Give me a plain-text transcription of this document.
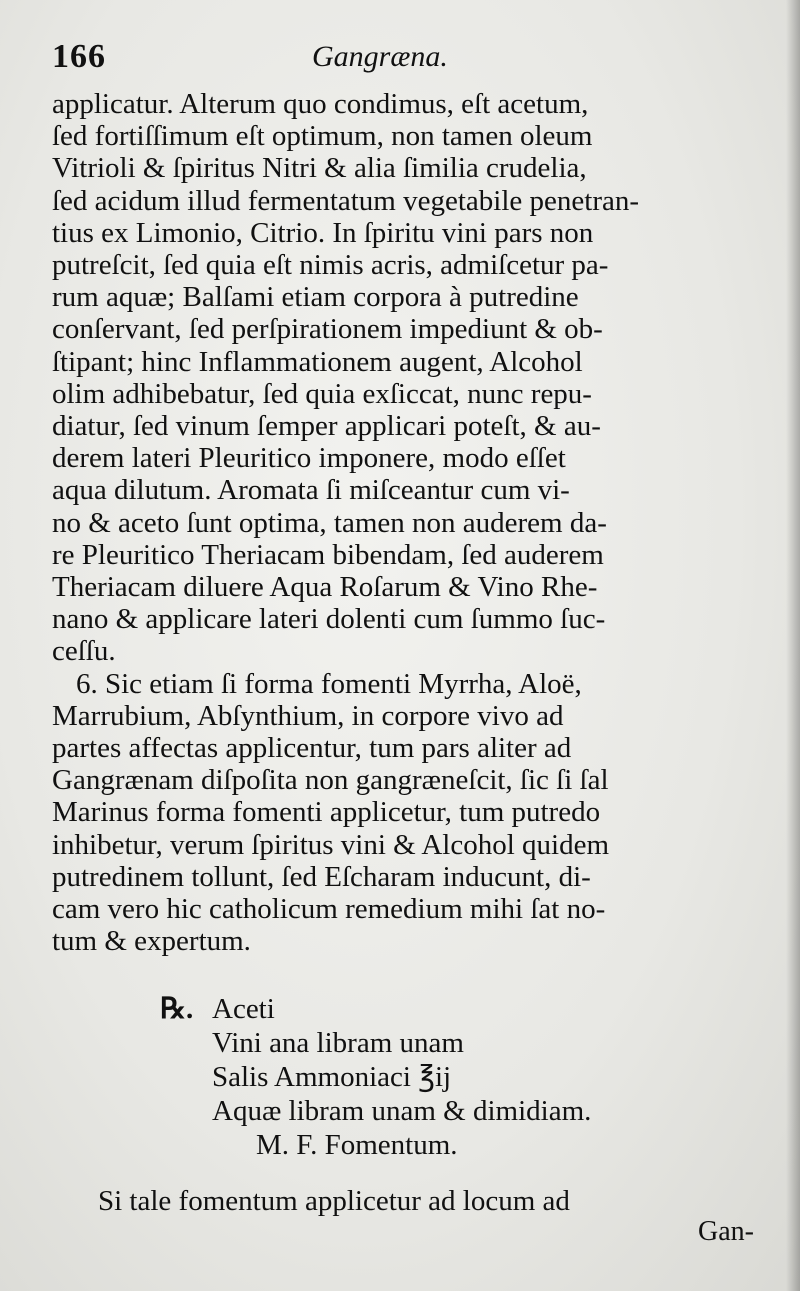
166	Gangræna.
applicatur. Alterum quo condimus, eſt acetum,
ſed fortiſſimum eſt optimum, non tamen oleum
Vitrioli & ſpiritus Nitri & alia ſimilia crudelia,
ſed acidum illud fermentatum vegetabile penetran-
tius ex Limonio, Citrio. In ſpiritu vini pars non
putreſcit, ſed quia eſt nimis acris, admiſcetur pa-
rum aquæ; Balſami etiam corpora à putredine
conſervant, ſed perſpirationem impediunt & ob-
ſtipant; hinc Inflammationem augent, Alcohol
olim adhibebatur, ſed quia exſiccat, nunc repu-
diatur, ſed vinum ſemper applicari poteſt, & au-
derem lateri Pleuritico imponere, modo eſſet
aqua dilutum. Aromata ſi miſceantur cum vi-
no & aceto ſunt optima, tamen non auderem da-
re Pleuritico Theriacam bibendam, ſed auderem
Theriacam diluere Aqua Roſarum & Vino Rhe-
nano & applicare lateri dolenti cum ſummo ſuc-
ceſſu.
6. Sic etiam ſi forma fomenti Myrrha, Aloë,
Marrubium, Abſynthium, in corpore vivo ad
partes affectas applicentur, tum pars aliter ad
Gangrænam diſpoſita non gangræneſcit, ſic ſi ſal
Marinus forma fomenti applicetur, tum putredo
inhibetur, verum ſpiritus vini & Alcohol quidem
putredinem tollunt, ſed Eſcharam inducunt, di-
cam vero hic catholicum remedium mihi ſat no-
tum & expertum.
℞. Aceti
Vini ana libram unam
Salis Ammoniaci ℥ij
Aquæ libram unam & dimidiam.
M. F. Fomentum.
Si tale fomentum applicetur ad locum ad
Gan-
